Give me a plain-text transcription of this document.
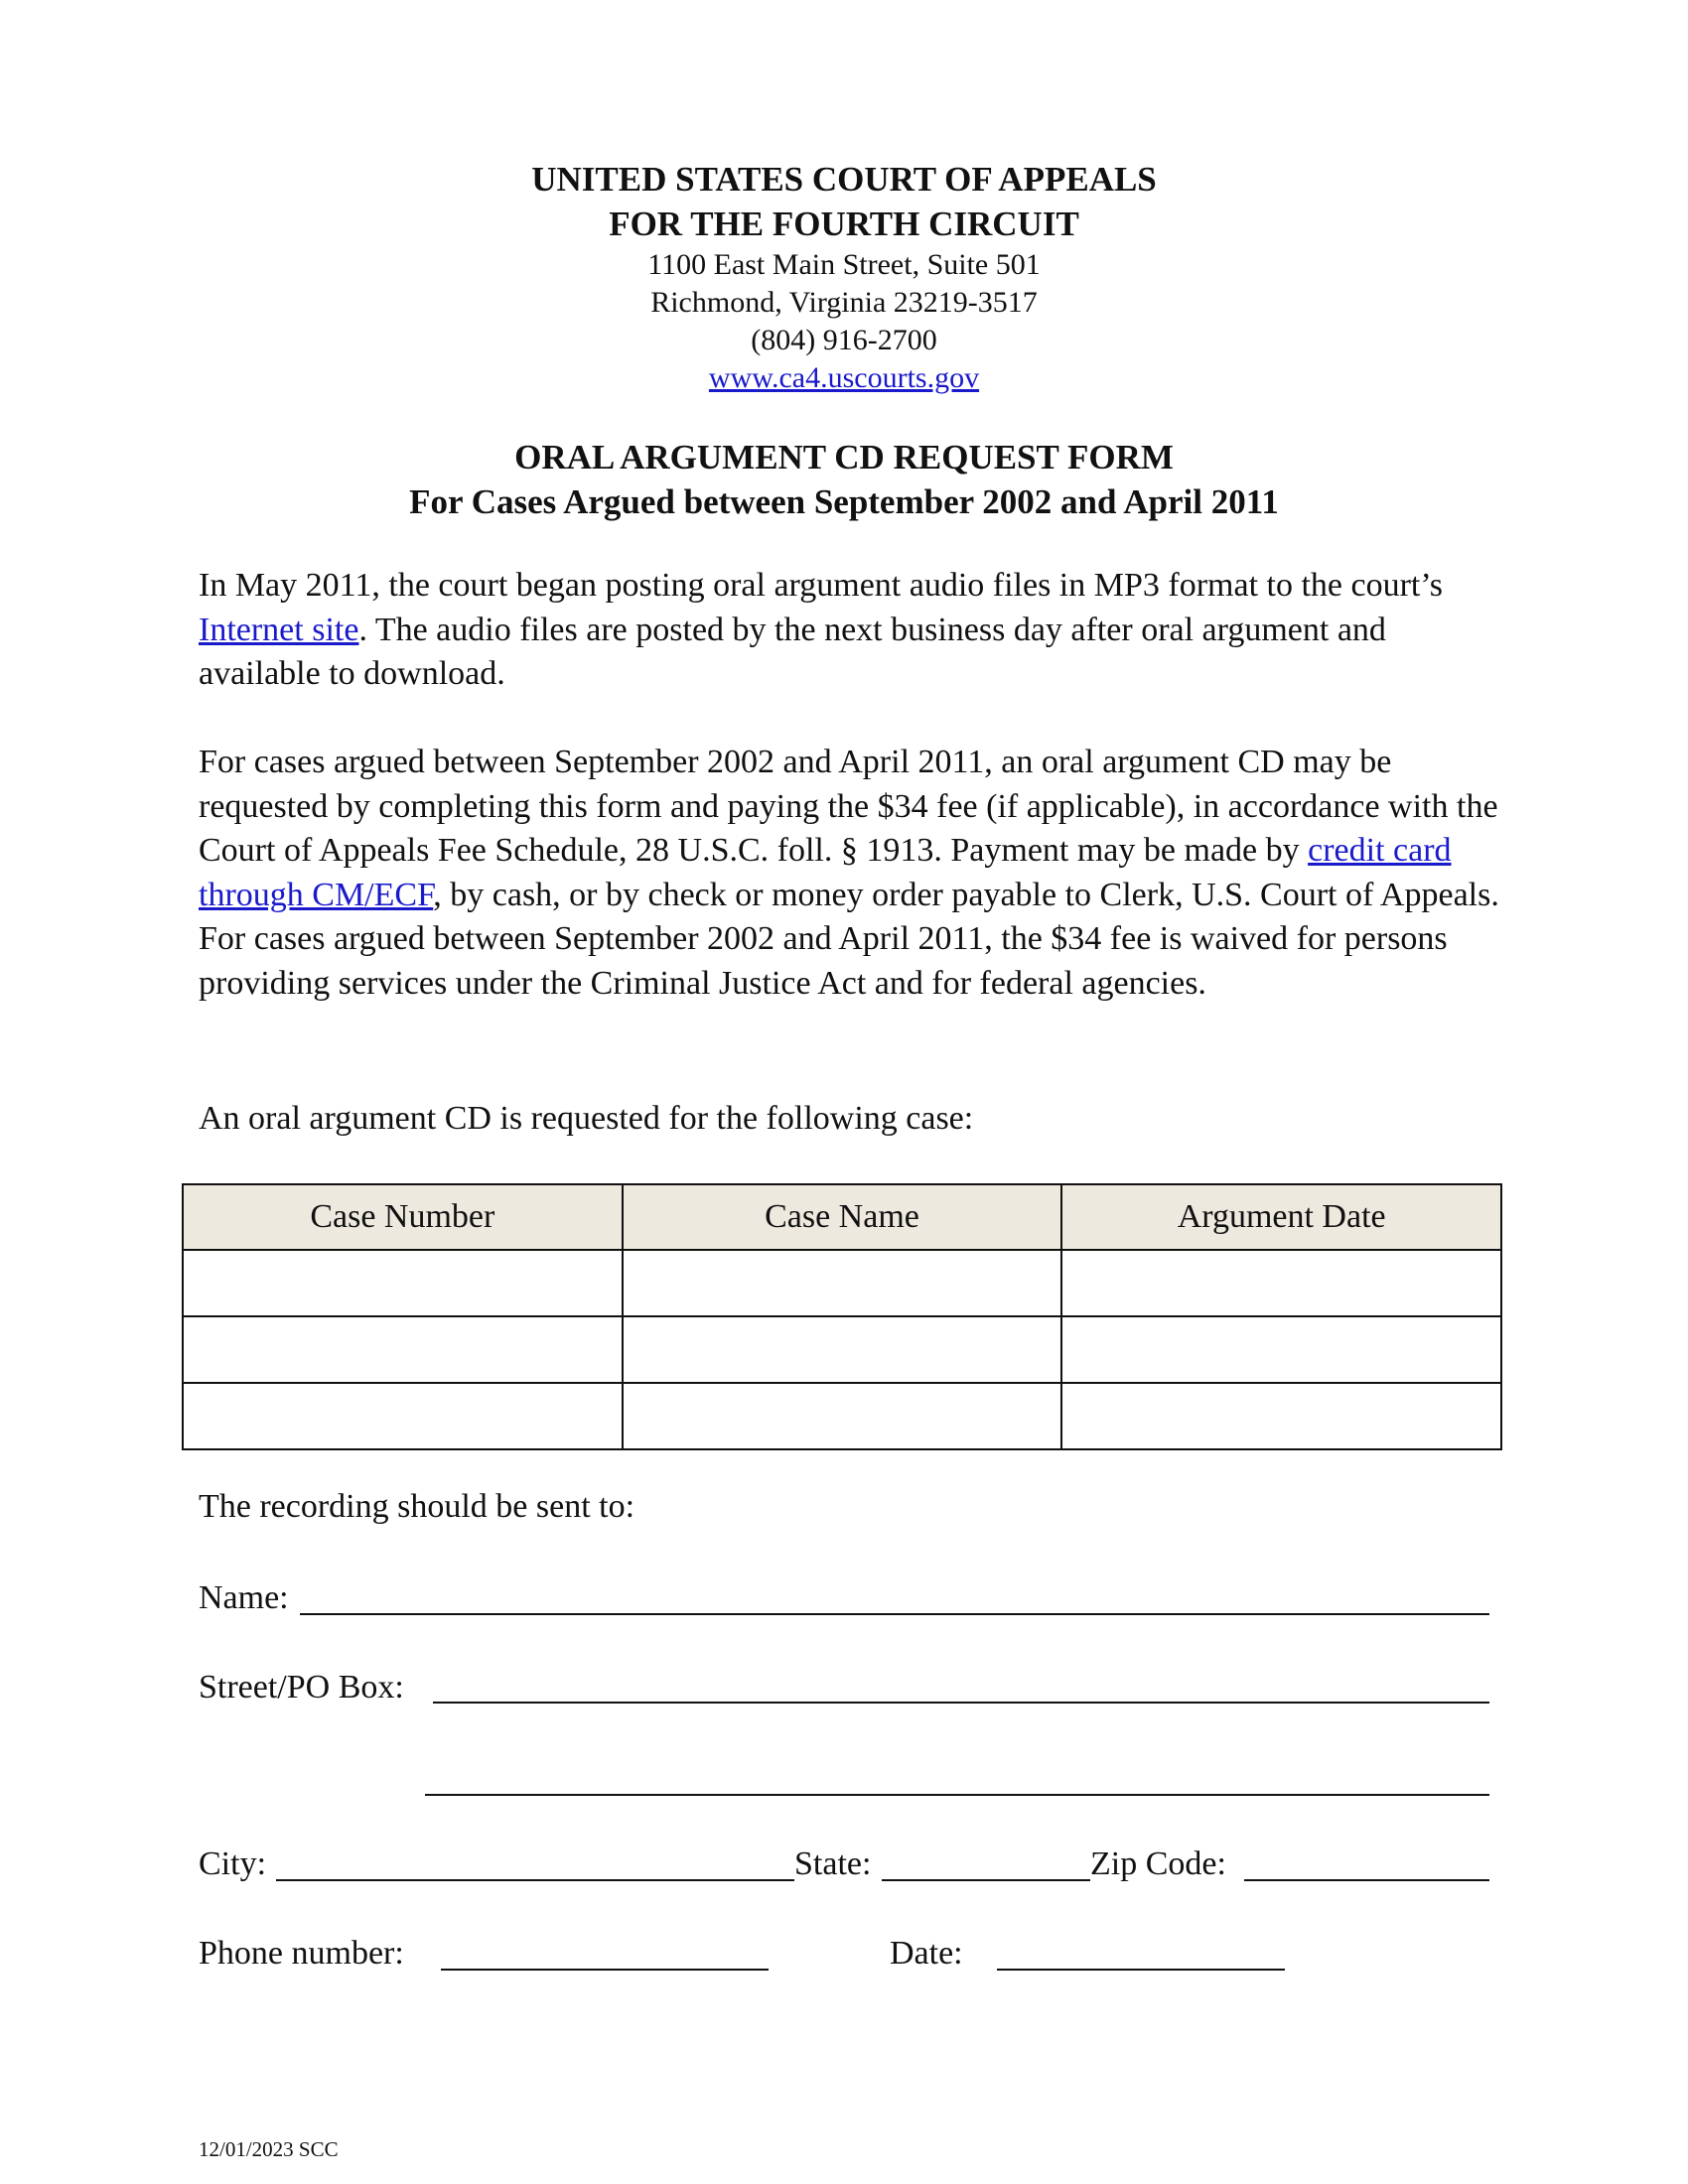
UNITED STATES COURT OF APPEALS
FOR THE FOURTH CIRCUIT
1100 East Main Street, Suite 501
Richmond, Virginia 23219-3517
(804) 916-2700
www.ca4.uscourts.gov
ORAL ARGUMENT CD REQUEST FORM
For Cases Argued between September 2002 and April 2011

In May 2011, the court began posting oral argument audio files in MP3 format to the court’s Internet site. The audio files are posted by the next business day after oral argument and available to download.

For cases argued between September 2002 and April 2011, an oral argument CD may be requested by completing this form and paying the $34 fee (if applicable), in accordance with the Court of Appeals Fee Schedule, 28 U.S.C. foll. § 1913. Payment may be made by credit card through CM/ECF, by cash, or by check or money order payable to Clerk, U.S. Court of Appeals. For cases argued between September 2002 and April 2011, the $34 fee is waived for persons providing services under the Criminal Justice Act and for federal agencies.

An oral argument CD is requested for the following case:

Case Number	Case Name	Argument Date

The recording should be sent to:
Name:
Street/PO Box:
City:	State:	Zip Code:
Phone number:	Date:
12/01/2023 SCC
